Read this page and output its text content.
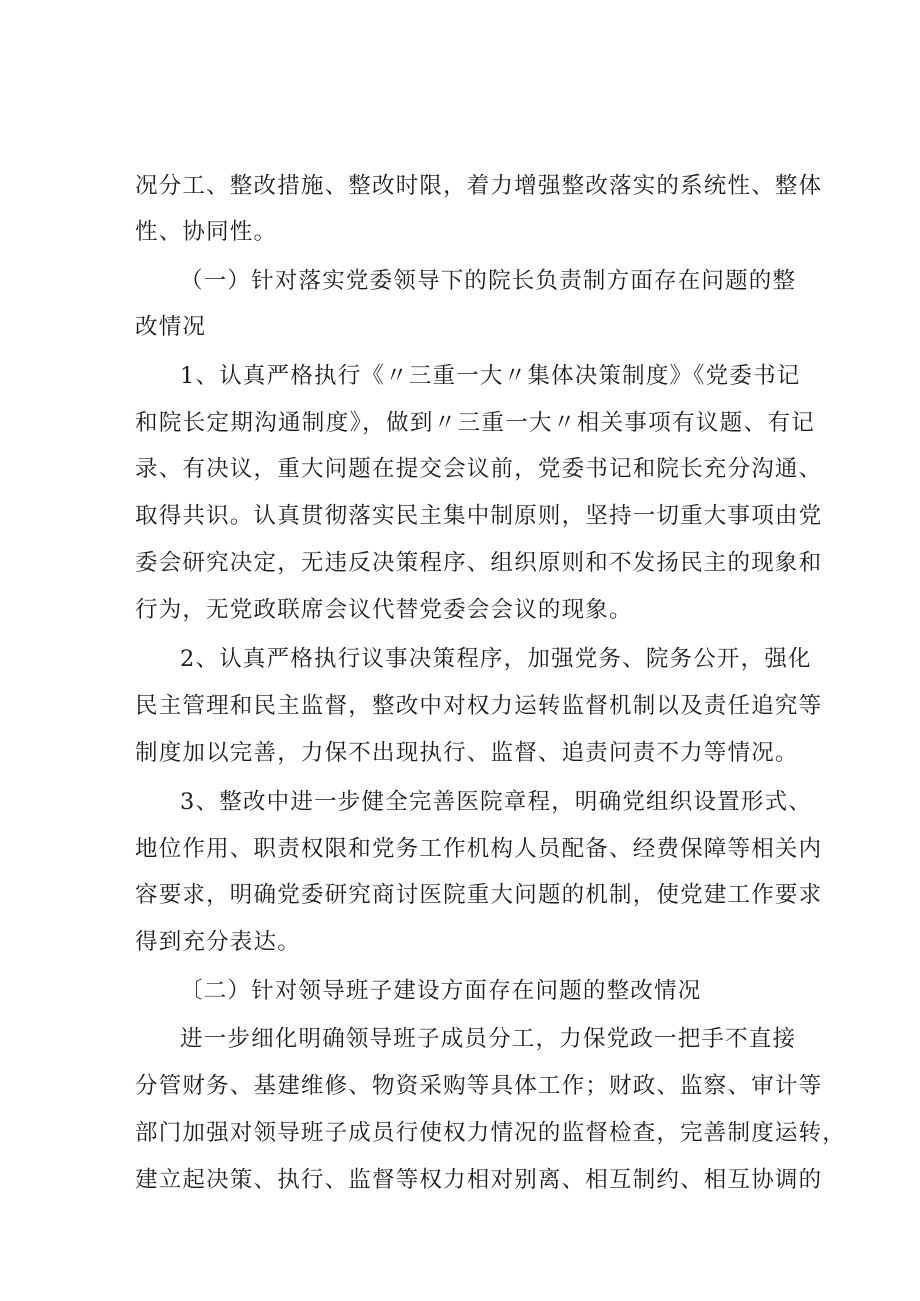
况分工、整改措施、整改时限，着力增强整改落实的系统性、整体
性、协同性。
（一）针对落实党委领导下的院长负责制方面存在问题的整
改情况
1、认真严格执行《〃三重一大〃集体决策制度》《党委书记
和院长定期沟通制度》，做到〃三重一大〃相关事项有议题、有记
录、有决议，重大问题在提交会议前，党委书记和院长充分沟通、
取得共识。认真贯彻落实民主集中制原则，坚持一切重大事项由党
委会研究决定，无违反决策程序、组织原则和不发扬民主的现象和
行为，无党政联席会议代替党委会会议的现象。
2、认真严格执行议事决策程序，加强党务、院务公开，强化
民主管理和民主监督，整改中对权力运转监督机制以及责任追究等
制度加以完善，力保不出现执行、监督、追责问责不力等情况。
3、整改中进一步健全完善医院章程，明确党组织设置形式、
地位作用、职责权限和党务工作机构人员配备、经费保障等相关内
容要求，明确党委研究商讨医院重大问题的机制，使党建工作要求
得到充分表达。
〔二）针对领导班子建设方面存在问题的整改情况
进一步细化明确领导班子成员分工，力保党政一把手不直接
分管财务、基建维修、物资采购等具体工作；财政、监察、审计等
部门加强对领导班子成员行使权力情况的监督检查，完善制度运转，
建立起决策、执行、监督等权力相对别离、相互制约、相互协调的
